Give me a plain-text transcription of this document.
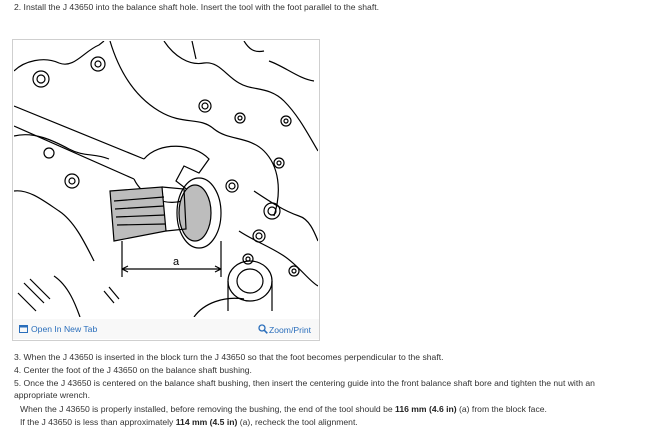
2. Install the J 43650 into the balance shaft hole. Insert the tool with the foot parallel to the shaft.
a
Open In New Tab	Zoom/Print
3. When the J 43650 is inserted in the block turn the J 43650 so that the foot becomes perpendicular to the shaft.
4. Center the foot of the J 43650 on the balance shaft bushing.
5. Once the J 43650 is centered on the balance shaft bushing, then insert the centering guide into the front balance shaft bore and tighten the nut with an
appropriate wrench.
When the J 43650 is properly installed, before removing the bushing, the end of the tool should be 116 mm (4.6 in) (a) from the block face.
If the J 43650 is less than approximately 114 mm (4.5 in) (a), recheck the tool alignment.
